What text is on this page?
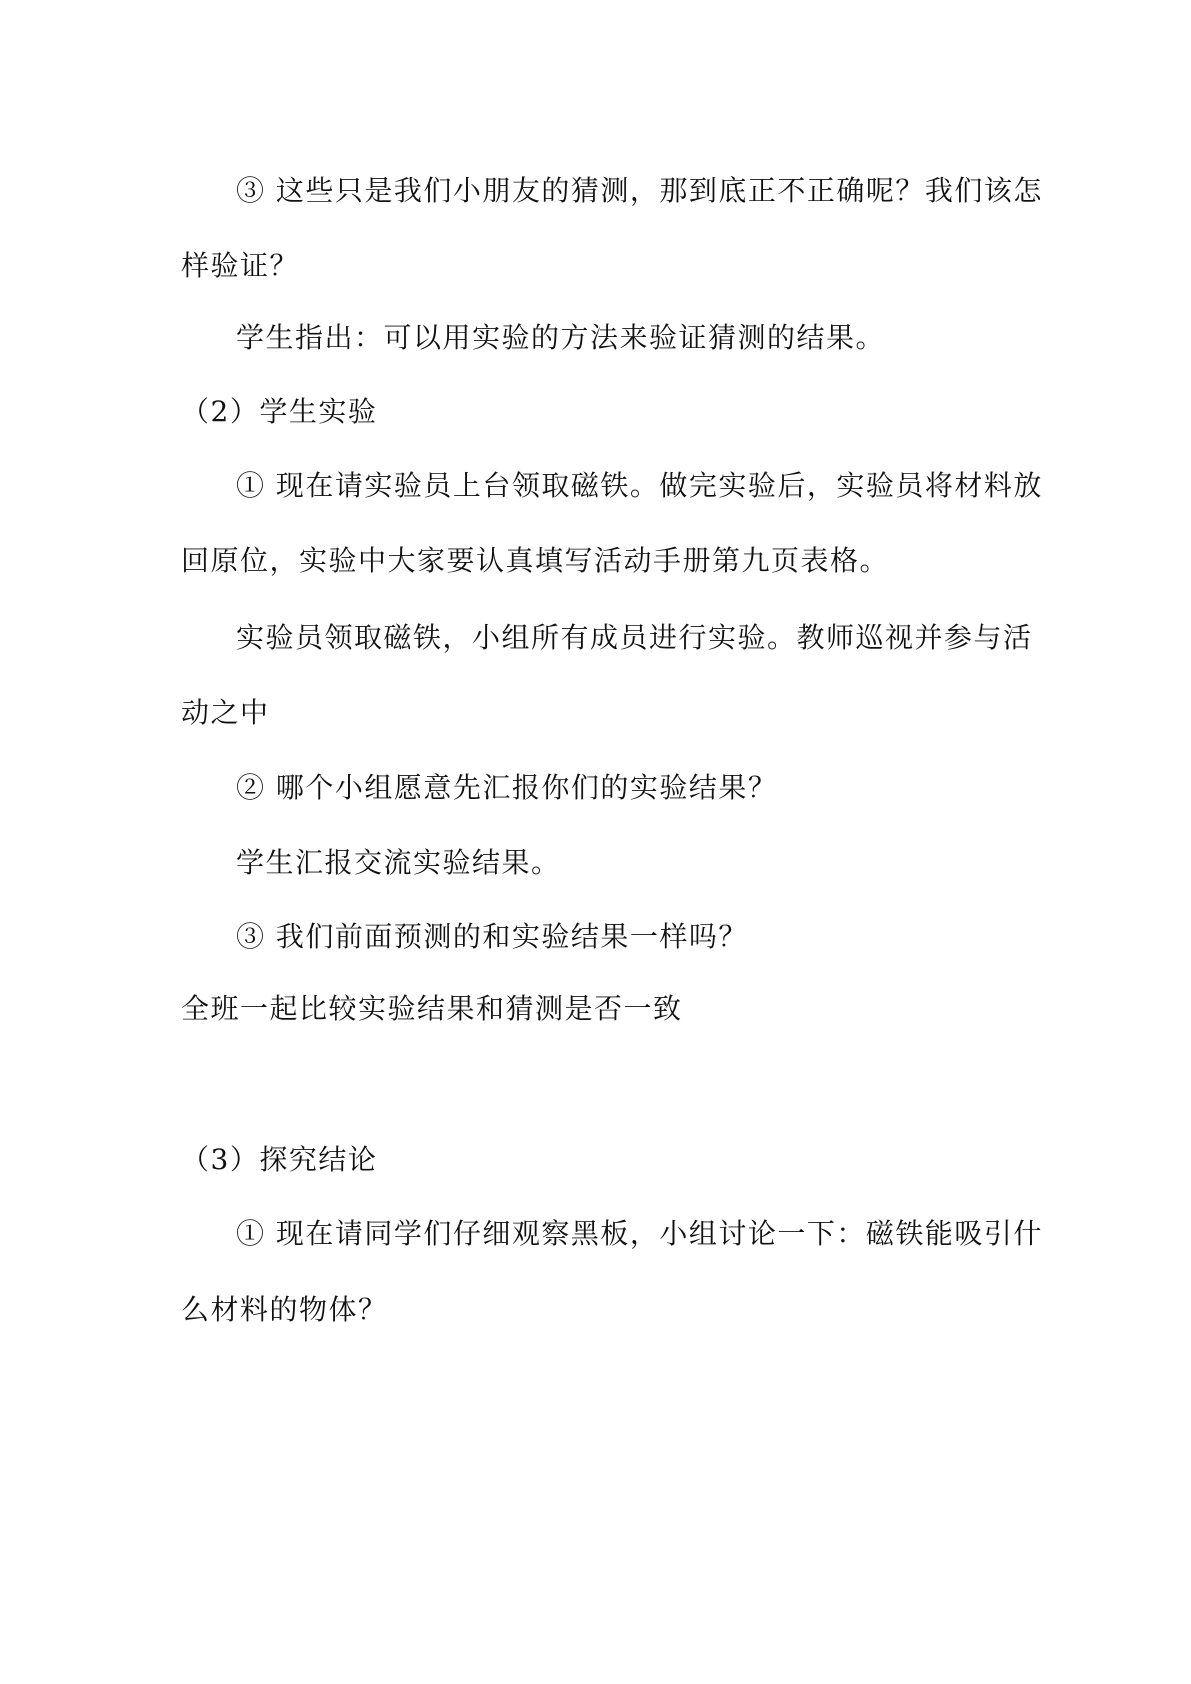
③ 这些只是我们小朋友的猜测，那到底正不正确呢？我们该怎
样验证？
学生指出：可以用实验的方法来验证猜测的结果。
（2）学生实验
① 现在请实验员上台领取磁铁。做完实验后，实验员将材料放
回原位，实验中大家要认真填写活动手册第九页表格。
实验员领取磁铁，小组所有成员进行实验。教师巡视并参与活
动之中
② 哪个小组愿意先汇报你们的实验结果？
学生汇报交流实验结果。
③ 我们前面预测的和实验结果一样吗？
全班一起比较实验结果和猜测是否一致
（3）探究结论
① 现在请同学们仔细观察黑板，小组讨论一下：磁铁能吸引什
么材料的物体？
